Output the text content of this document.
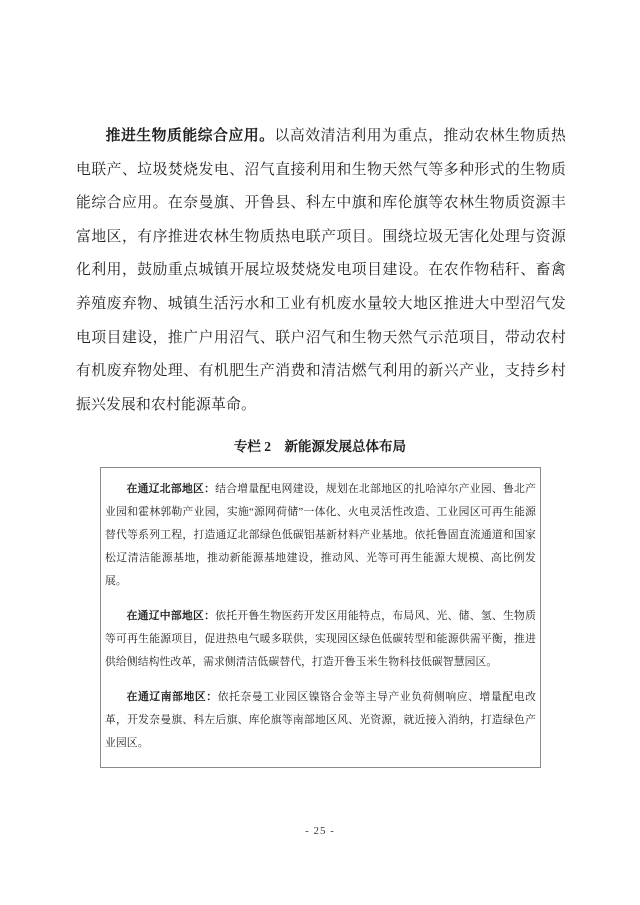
推进生物质能综合应用。以高效清洁利用为重点，推动农林生物质热电联产、垃圾焚烧发电、沼气直接利用和生物天然气等多种形式的生物质能综合应用。在奈曼旗、开鲁县、科左中旗和库伦旗等农林生物质资源丰富地区，有序推进农林生物质热电联产项目。围绕垃圾无害化处理与资源化利用，鼓励重点城镇开展垃圾焚烧发电项目建设。在农作物秸秆、畜禽养殖废弃物、城镇生活污水和工业有机废水量较大地区推进大中型沼气发电项目建设，推广户用沼气、联户沼气和生物天然气示范项目，带动农村有机废弃物处理、有机肥生产消费和清洁燃气利用的新兴产业，支持乡村振兴发展和农村能源革命。

专栏 2　新能源发展总体布局

在通辽北部地区：结合增量配电网建设，规划在北部地区的扎哈淖尔产业园、鲁北产业园和霍林郭勒产业园，实施“源网荷储”一体化、火电灵活性改造、工业园区可再生能源替代等系列工程，打造通辽北部绿色低碳铝基新材料产业基地。依托鲁固直流通道和国家松辽清洁能源基地，推动新能源基地建设，推动风、光等可再生能源大规模、高比例发展。

在通辽中部地区：依托开鲁生物医药开发区用能特点，布局风、光、储、氢、生物质等可再生能源项目，促进热电气暖多联供，实现园区绿色低碳转型和能源供需平衡，推进供给侧结构性改革，需求侧清洁低碳替代，打造开鲁玉米生物科技低碳智慧园区。

在通辽南部地区：依托奈曼工业园区镍铬合金等主导产业负荷侧响应、增量配电改革，开发奈曼旗、科左后旗、库伦旗等南部地区风、光资源，就近接入消纳，打造绿色产业园区。

- 25 -
